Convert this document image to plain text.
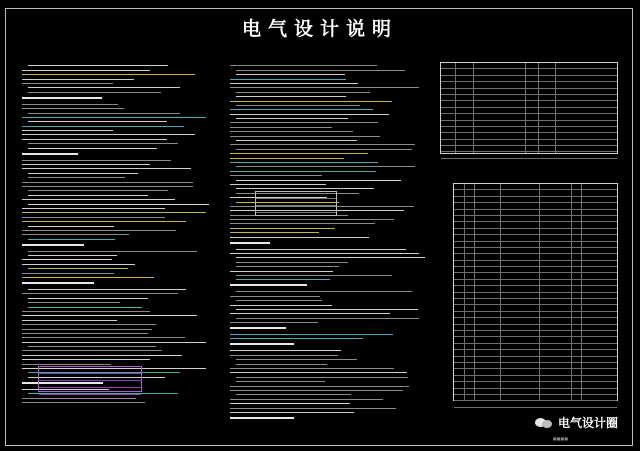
电气设计说明
电气设计圈
■■■■
